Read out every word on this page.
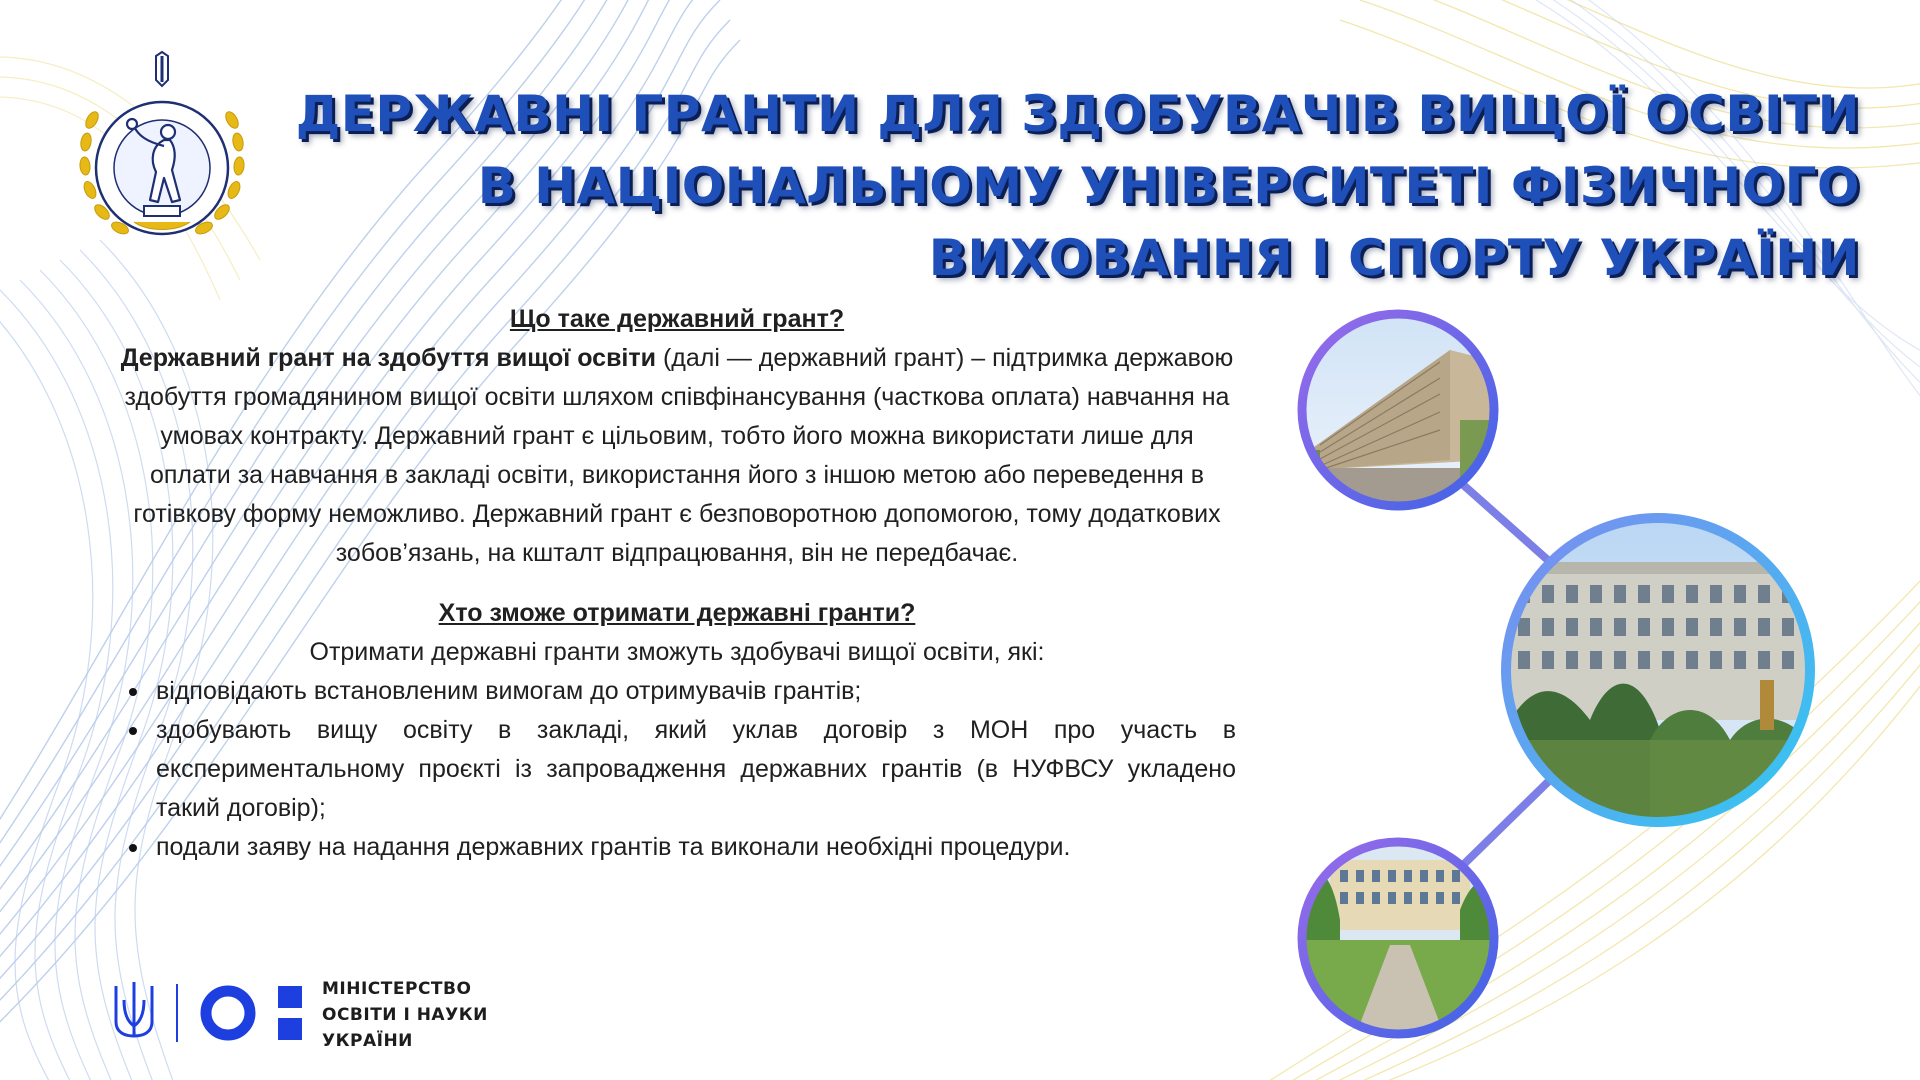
ДЕРЖАВНІ ГРАНТИ ДЛЯ ЗДОБУВАЧІВ ВИЩОЇ ОСВІТИ
В НАЦІОНАЛЬНОМУ УНІВЕРСИТЕТІ ФІЗИЧНОГО
ВИХОВАННЯ І СПОРТУ УКРАЇНИ
Що таке державний грант?
Державний грант на здобуття вищої освіти (далі — державний грант) – підтримка державою здобуття громадянином вищої освіти шляхом співфінансування (часткова оплата) навчання на умовах контракту. Державний грант є цільовим, тобто його можна використати лише для оплати за навчання в закладі освіти, використання його з іншою метою або переведення в готівкову форму неможливо. Державний грант є безповоротною допомогою, тому додаткових зобов’язань, на кшталт відпрацювання, він не передбачає.
Хто зможе отримати державні гранти?
Отримати державні гранти зможуть здобувачі вищої освіти, які:
відповідають встановленим вимогам до отримувачів грантів;
здобувають вищу освіту в закладі, який уклав договір з МОН про участь в експериментальному проєкті із запровадження державних грантів (в НУФВСУ укладено такий договір);
подали заяву на надання державних грантів та виконали необхідні процедури.
МІНІСТЕРСТВО
ОСВІТИ І НАУКИ
УКРАЇНИ
